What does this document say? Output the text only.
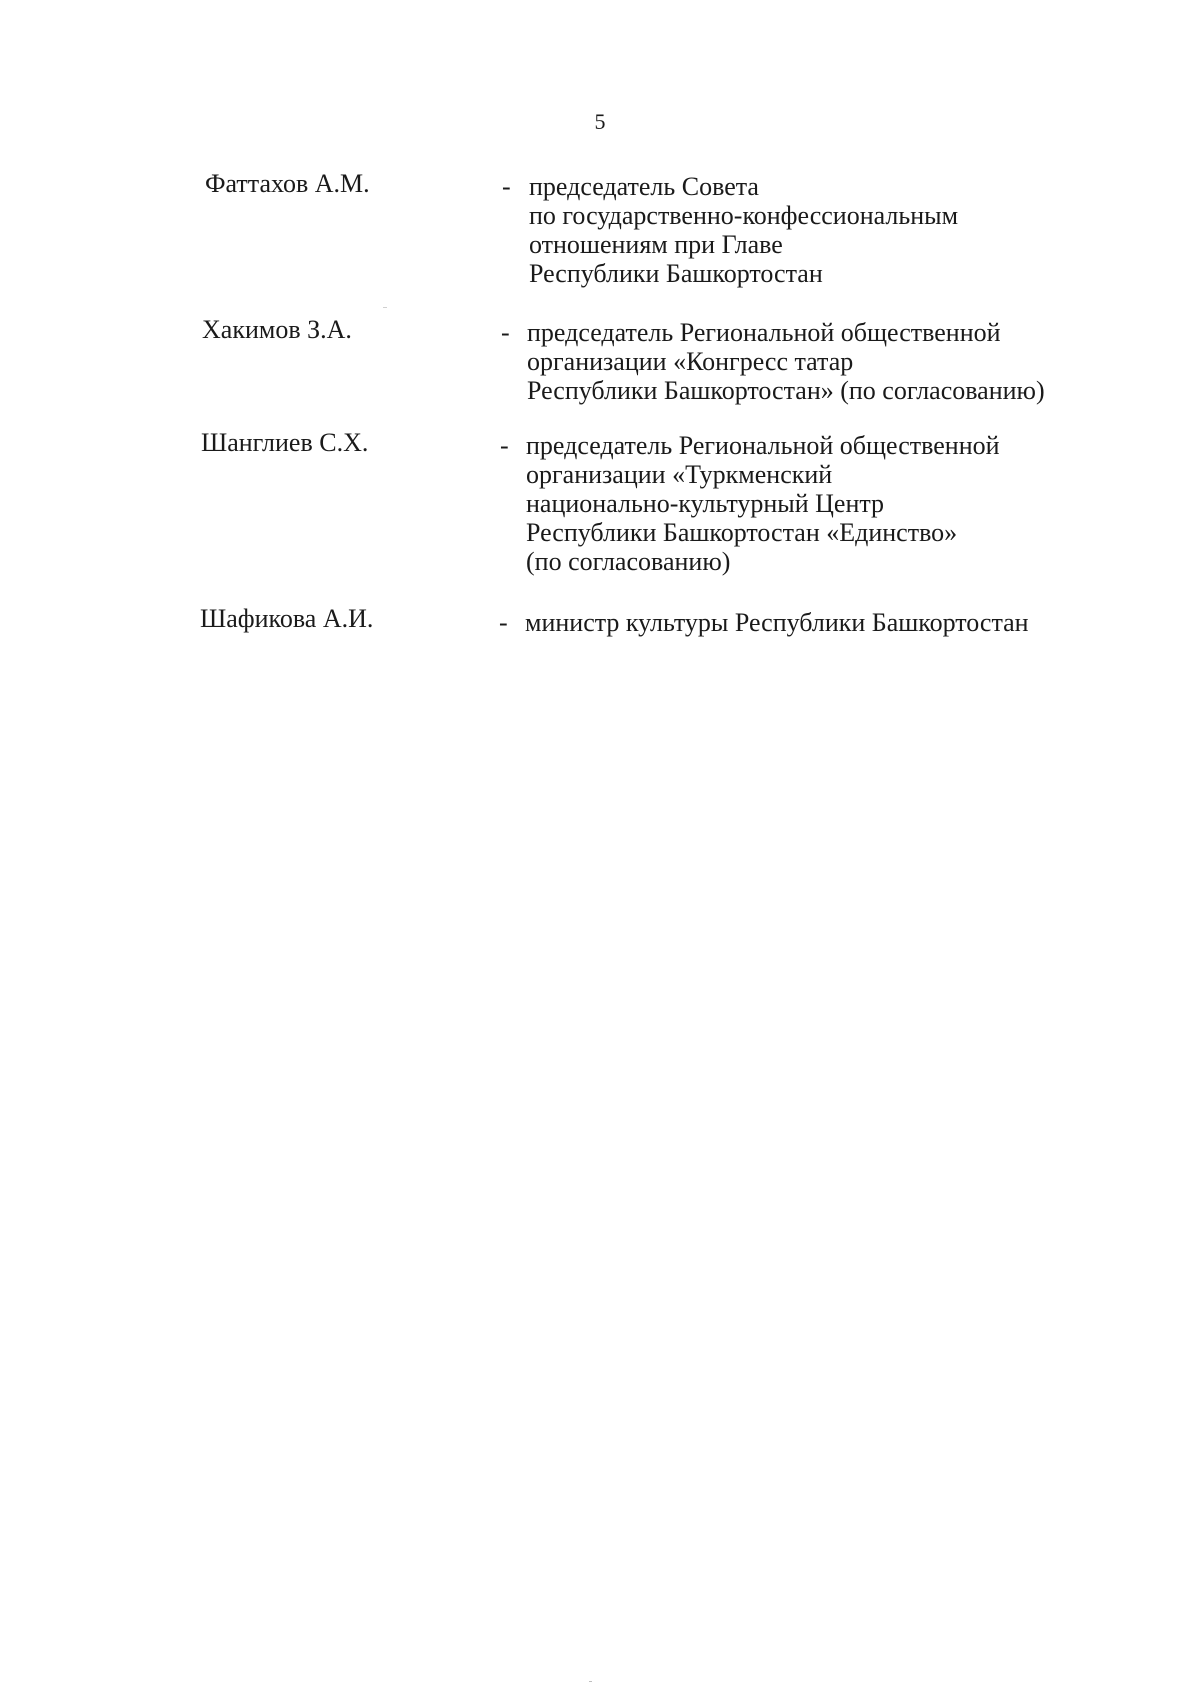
5
Фаттахов А.М.	- председатель Совета
по государственно-конфессиональным
отношениям при Главе
Республики Башкортостан
Хакимов З.А.	- председатель Региональной общественной
организации «Конгресс татар
Республики Башкортостан» (по согласованию)
Шанглиев С.Х.	- председатель Региональной общественной
организации «Туркменский
национально-культурный Центр
Республики Башкортостан «Единство»
(по согласованию)
Шафикова А.И.	- министр культуры Республики Башкортостан
